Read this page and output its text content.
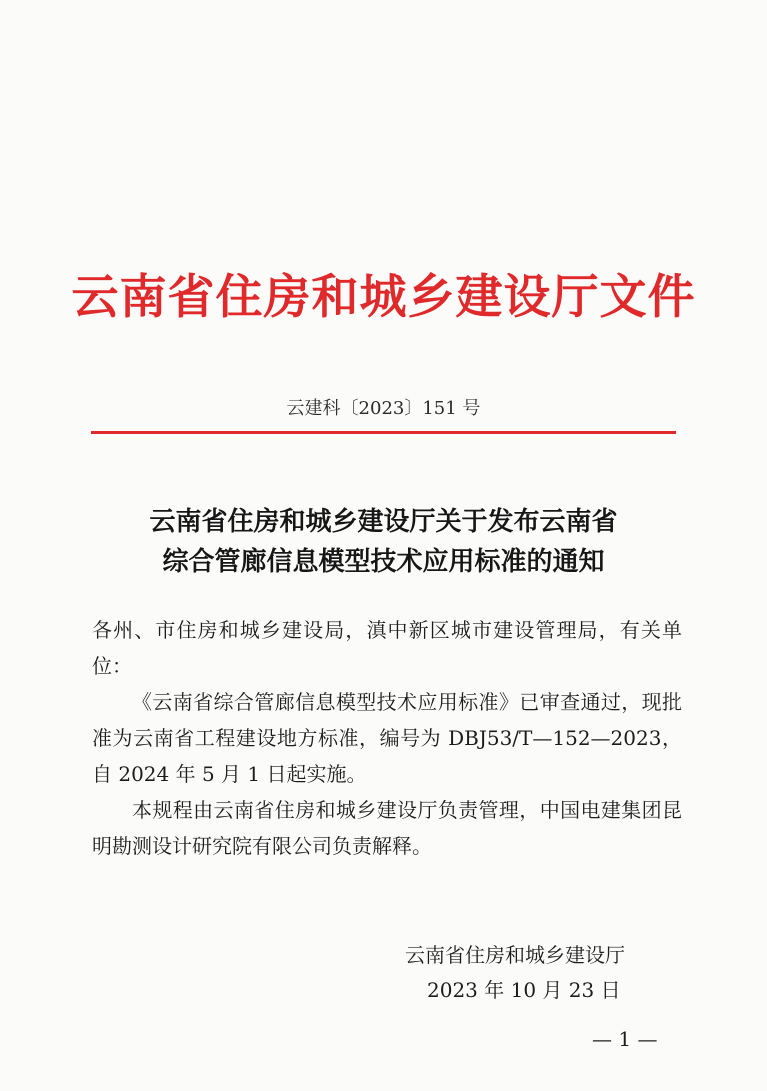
云南省住房和城乡建设厅文件
云建科〔2023〕151 号
云南省住房和城乡建设厅关于发布云南省
综合管廊信息模型技术应用标准的通知
各州、市住房和城乡建设局，滇中新区城市建设管理局，有关单位：
《云南省综合管廊信息模型技术应用标准》已审查通过，现批准为云南省工程建设地方标准，编号为 DBJ53/T—152—2023，自 2024 年 5 月 1 日起实施。
本规程由云南省住房和城乡建设厅负责管理，中国电建集团昆明勘测设计研究院有限公司负责解释。
云南省住房和城乡建设厅
2023 年 10 月 23 日
— 1 —
